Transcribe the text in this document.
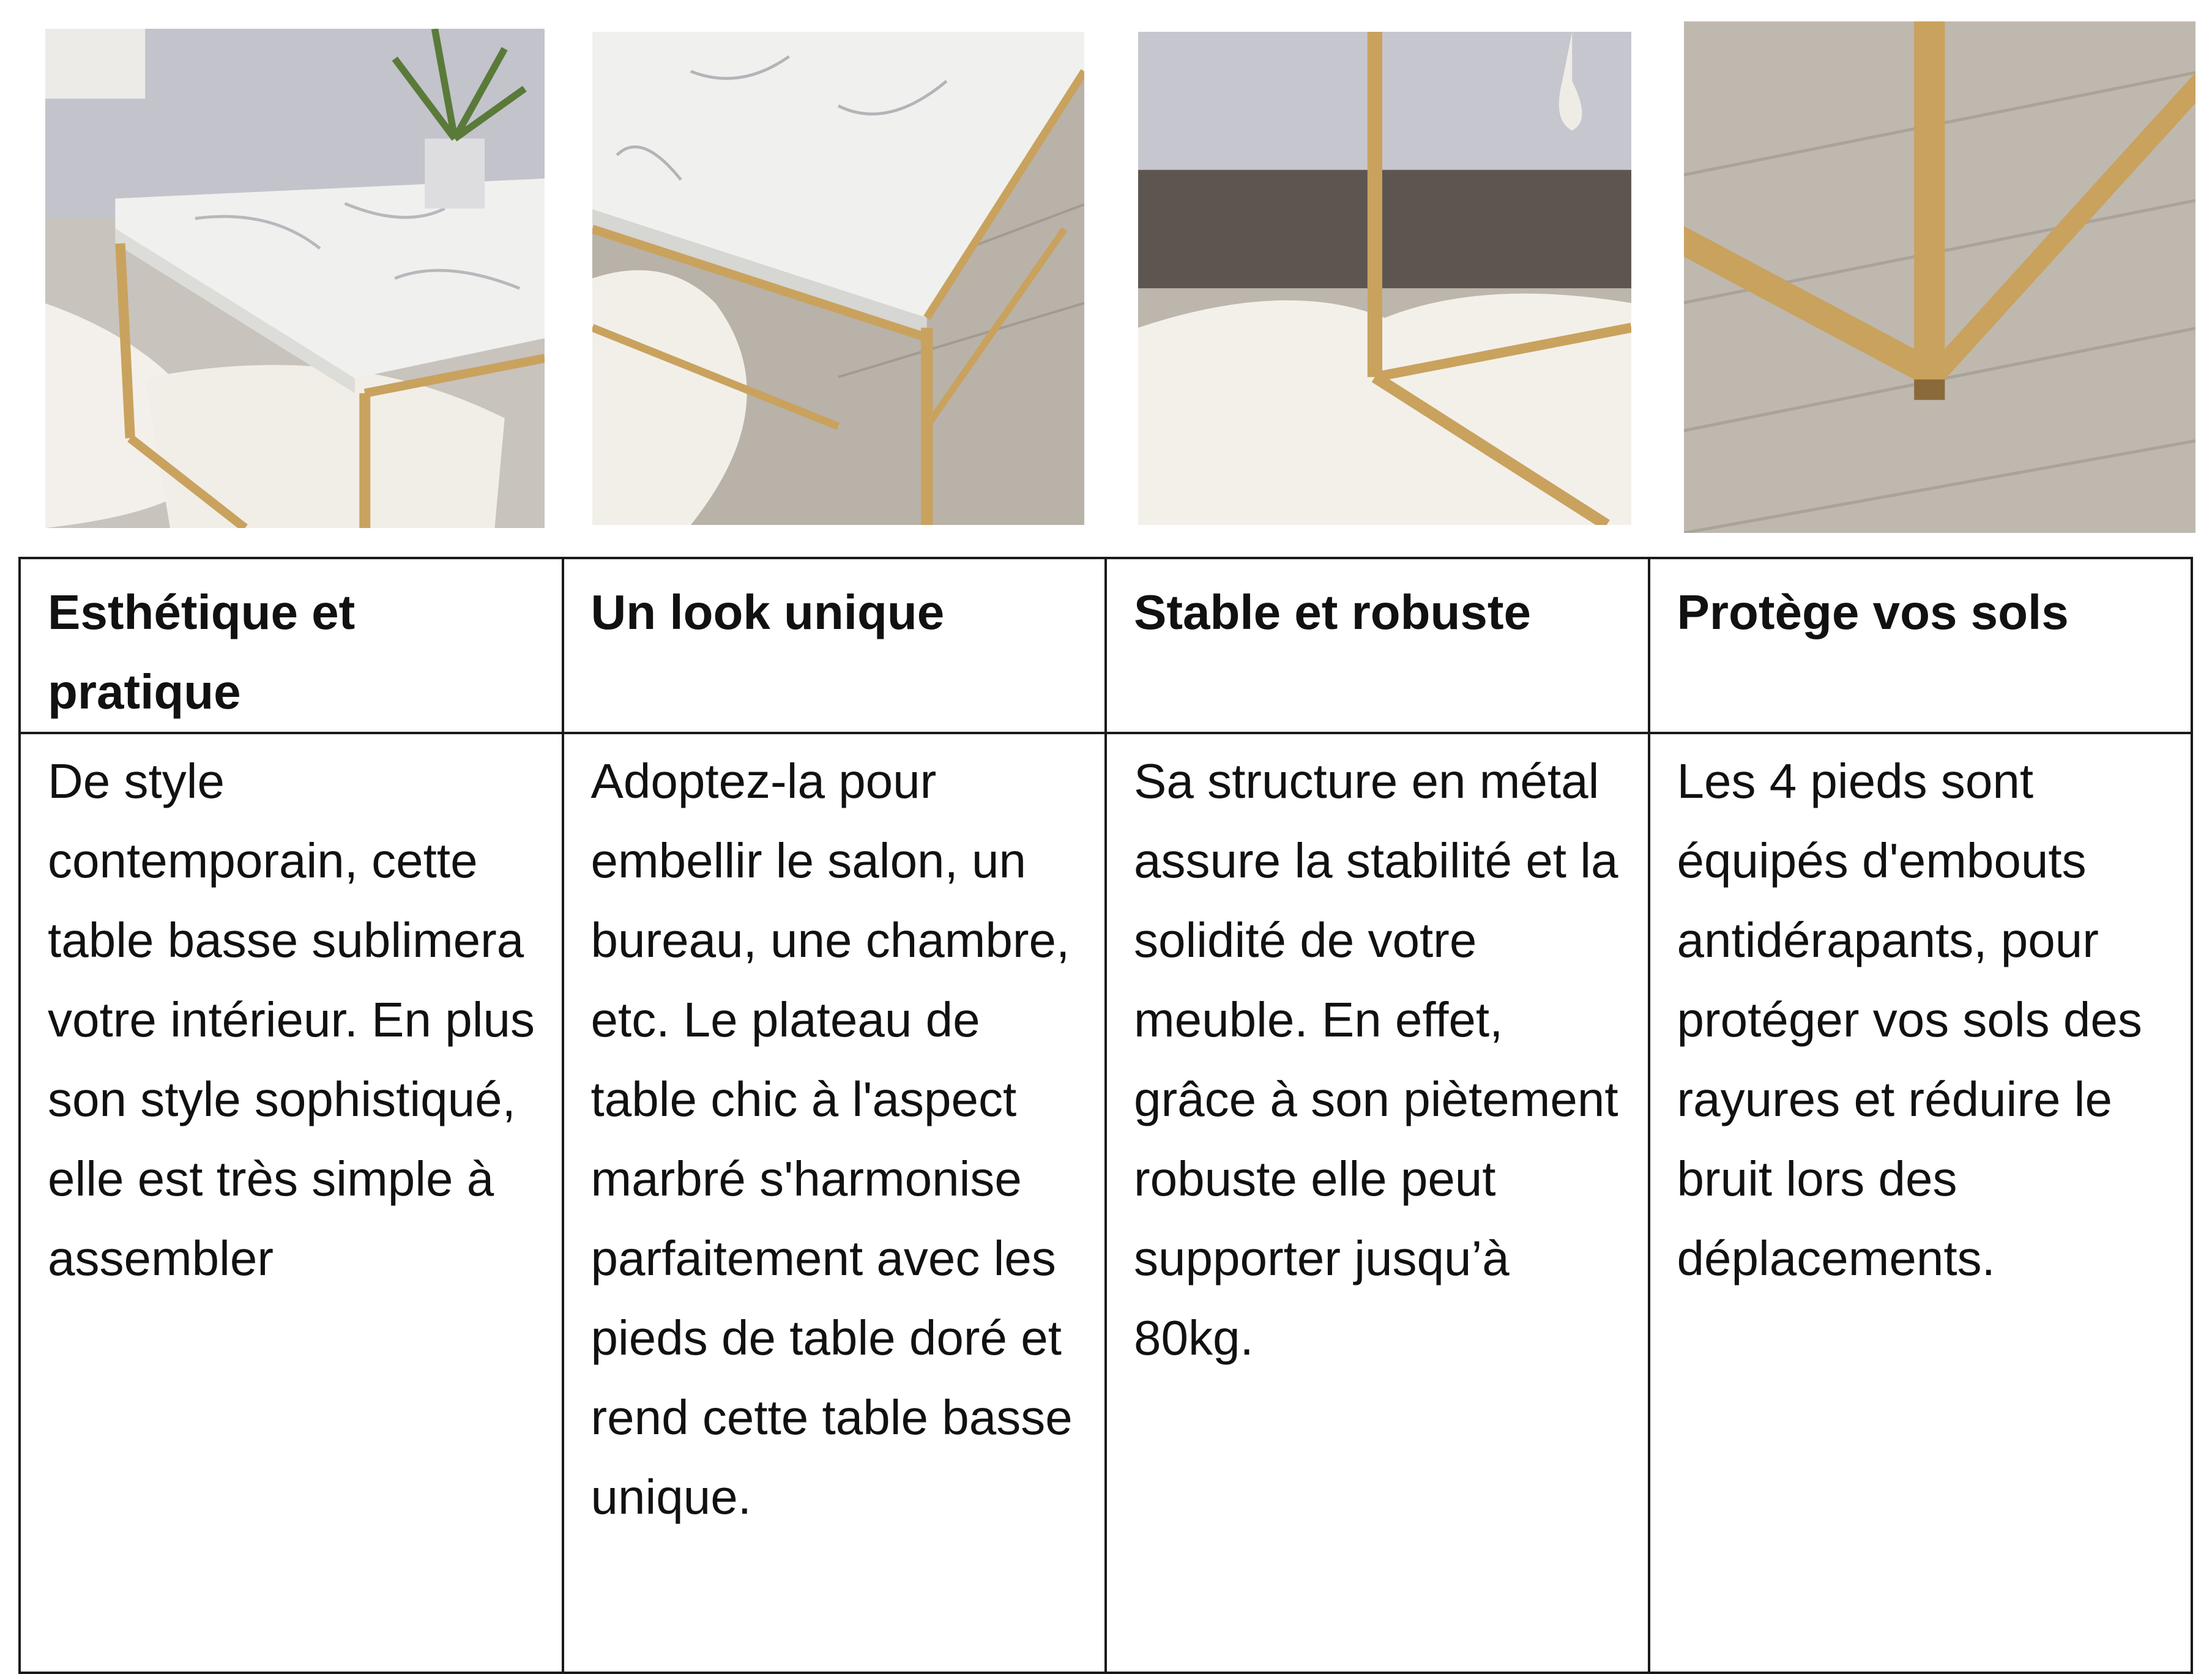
Esthétique et pratique	Un look unique	Stable et robuste	Protège vos sols
De style contemporain, cette table basse sublimera votre intérieur. En plus son style sophistiqué, elle est très simple à assembler	Adoptez-la pour embellir le salon, un bureau, une chambre, etc. Le plateau de table chic à l'aspect marbré s'harmonise parfaitement avec les pieds de table doré et rend cette table basse unique.	Sa structure en métal assure la stabilité et la solidité de votre meuble. En effet, grâce à son piètement robuste elle peut supporter jusqu’à 80kg.	Les 4 pieds sont équipés d'embouts antidérapants, pour protéger vos sols des rayures et réduire le bruit lors des déplacements.
